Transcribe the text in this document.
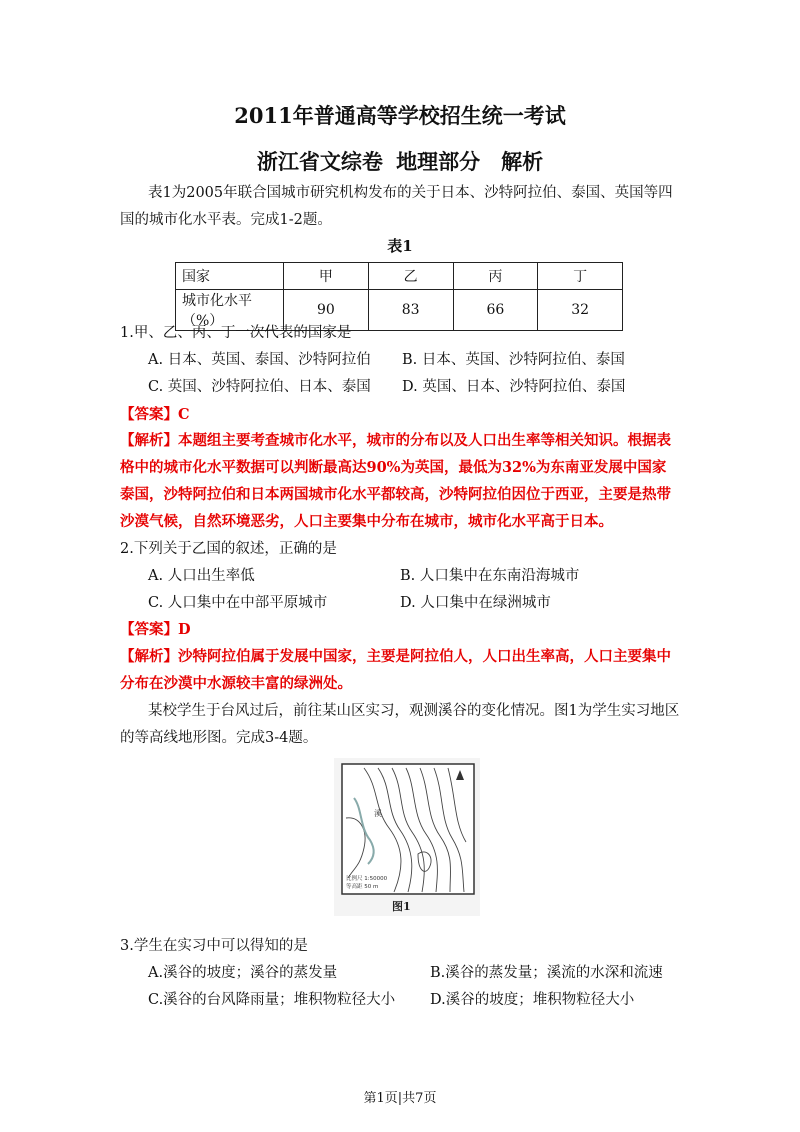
2011年普通高等学校招生统一考试
浙江省文综卷 地理部分　解析
表1为2005年联合国城市研究机构发布的关于日本、沙特阿拉伯、泰国、英国等四国的城市化水平表。完成1-2题。
表1
国家	甲	乙	丙	丁
城市化水平（%）	90	83	66	32
1.甲、乙、丙、丁一次代表的国家是
A. 日本、英国、泰国、沙特阿拉伯 B. 日本、英国、沙特阿拉伯、泰国
C. 英国、沙特阿拉伯、日本、泰国 D. 英国、日本、沙特阿拉伯、泰国
【答案】C
【解析】本题组主要考查城市化水平，城市的分布以及人口出生率等相关知识。根据表格中的城市化水平数据可以判断最高达90%为英国，最低为32%为东南亚发展中国家泰国，沙特阿拉伯和日本两国城市化水平都较高，沙特阿拉伯因位于西亚，主要是热带沙漠气候，自然环境恶劣，人口主要集中分布在城市，城市化水平高于日本。
2.下列关于乙国的叙述，正确的是
A. 人口出生率低	B. 人口集中在东南沿海城市
C. 人口集中在中部平原城市	D. 人口集中在绿洲城市
【答案】D
【解析】沙特阿拉伯属于发展中国家，主要是阿拉伯人，人口出生率高，人口主要集中分布在沙漠中水源较丰富的绿洲处。
某校学生于台风过后，前往某山区实习，观测溪谷的变化情况。图1为学生实习地区的等高线地形图。完成3-4题。
溪
比例尺 1:50000
等高距 50 m
图1
3.学生在实习中可以得知的是
A.溪谷的坡度；溪谷的蒸发量	B.溪谷的蒸发量；溪流的水深和流速
C.溪谷的台风降雨量；堆积物粒径大小 D.溪谷的坡度；堆积物粒径大小
第1页|共7页
